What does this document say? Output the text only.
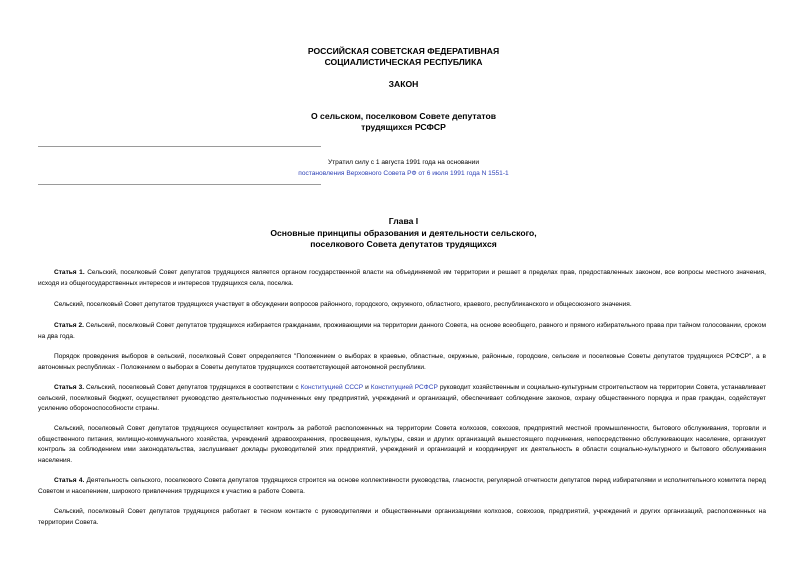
РОССИЙСКАЯ СОВЕТСКАЯ ФЕДЕРАТИВНАЯ
СОЦИАЛИСТИЧЕСКАЯ РЕСПУБЛИКА
ЗАКОН
О сельском, поселковом Совете депутатов
трудящихся РСФСР
Утратил силу с 1 августа 1991 года на основании
постановления Верховного Совета РФ от 6 июля 1991 года N 1551-1
Глава I
Основные принципы образования и деятельности сельского,
поселкового Совета депутатов трудящихся
Статья 1. Сельский, поселковый Совет депутатов трудящихся является органом государственной власти на объединяемой им территории и решает в пределах прав, предоставленных законом, все вопросы местного значения, исходя из общегосударственных интересов и интересов трудящихся села, поселка.
Сельский, поселковый Совет депутатов трудящихся участвует в обсуждении вопросов районного, городского, окружного, областного, краевого, республиканского и общесоюзного значения.
Статья 2. Сельский, поселковый Совет депутатов трудящихся избирается гражданами, проживающими на территории данного Совета, на основе всеобщего, равного и прямого избирательного права при тайном голосовании, сроком на два года.
Порядок проведения выборов в сельский, поселковый Совет определяется "Положением о выборах в краевые, областные, окружные, районные, городские, сельские и поселковые Советы депутатов трудящихся РСФСР", а в автономных республиках - Положением о выборах в Советы депутатов трудящихся соответствующей автономной республики.
Статья 3. Сельский, поселковый Совет депутатов трудящихся в соответствии с Конституцией СССР и Конституцией РСФСР руководит хозяйственным и социально-культурным строительством на территории Совета, устанавливает сельский, поселковый бюджет, осуществляет руководство деятельностью подчиненных ему предприятий, учреждений и организаций, обеспечивает соблюдение законов, охрану общественного порядка и прав граждан, содействует усилению обороноспособности страны.
Сельский, поселковый Совет депутатов трудящихся осуществляет контроль за работой расположенных на территории Совета колхозов, совхозов, предприятий местной промышленности, бытового обслуживания, торговли и общественного питания, жилищно-коммунального хозяйства, учреждений здравоохранения, просвещения, культуры, связи и других организаций вышестоящего подчинения, непосредственно обслуживающих население, организует контроль за соблюдением ими законодательства, заслушивает доклады руководителей этих предприятий, учреждений и организаций и координирует их деятельность в области социально-культурного и бытового обслуживания населения.
Статья 4. Деятельность сельского, поселкового Совета депутатов трудящихся строится на основе коллективности руководства, гласности, регулярной отчетности депутатов перед избирателями и исполнительного комитета перед Советом и населением, широкого привлечения трудящихся к участию в работе Совета.
Сельский, поселковый Совет депутатов трудящихся работает в тесном контакте с руководителями и общественными организациями колхозов, совхозов, предприятий, учреждений и других организаций, расположенных на территории Совета.
